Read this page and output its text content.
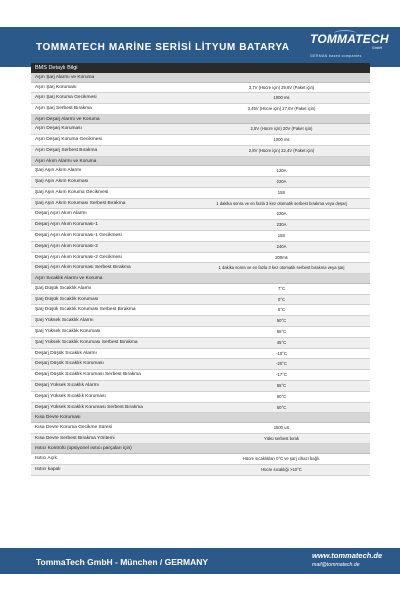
TOMMATECH MARİNE SERİSİ LİTYUM BATARYA
TOMMATECH
GmbH
GERMAN based companies
BMS Detaylı Bilgi
Aşırı Şarj Alarmı ve Koruma
Aşırı Şarj Koruması	3,7V (Hücre için) 29,6V (Paket için)
Aşırı Şarj Koruma Gecikmesi	1000 ms
Aşırı Şarj Serbest Bırakma	3,45V (Hücre için) 27,6V (Paket için)
Aşırı Deşarj Alarmı ve Koruma
Aşırı Deşarj Koruması	2,5V (Hücre için) 20V (Paket için)
Aşırı Deşarj Koruma Gecikmesi	1000 ms
Aşırı Deşarj Serbest Bırakma	2,8V (Hücre için) 22,4V (Paket için)
Aşırı Akım Alarmı ve Koruma
Şarj Aşırı Akım Alarmı	120A
Şarj Aşırı Akım Koruması	220A
Şarj Aşırı Akım Koruma Gecikmesi	15S
Şarj Aşırı Akım Koruması Serbest Bırakma	1 dakika sonra ve en fazla 3 kez otomatik serbest bırakma veya deşarj
Deşarj Aşırı Akım Alarmı	220A
Deşarj Aşırı Akım Koruması-1	230A
Deşarj Aşırı Akım Koruması-1 Gecikmesi	15S
Deşarj Aşırı Akım Koruması-2	240A
Deşarj Aşırı Akım Koruması-2 Gecikmesi	200ms
Deşarj Aşırı Akım Koruması Serbest Bırakma	1 dakika sonra ve en fazla 3 kez otomatik serbest bırakma veya şarj
Aşırı Sıcaklık Alarmı ve Koruma
Şarj Düşük Sıcaklık Alarmı	7°C
Şarj Düşük Sıcaklık Koruması	0°C
Şarj Düşük Sıcaklık Koruması Serbest Bırakma	5°C
Şarj Yüksek Sıcaklık Alarmı	50°C
Şarj Yüksek Sıcaklık Koruması	55°C
Şarj Yüksek Sıcaklık Koruması Serbest Bırakma	45°C
Deşarj Düşük Sıcaklık Alarmı	-10°C
Deşarj Düşük Sıcaklık Koruması	-20°C
Deşarj Düşük Sıcaklık Koruması Serbest Bırakma	-17°C
Deşarj Yüksek Sıcaklık Alarmı	55°C
Deşarj Yüksek Sıcaklık Koruması	60°C
Deşarj Yüksek Sıcaklık Koruması Serbest Bırakma	50°C
Kısa Devre Koruması
Kısa Devre Koruma Gecikme Süresi	1500 uS
Kısa Devre Serbest Bırakma Yöntemi	Yükü serbest bırak
Isıtıcı Kontrolü (opsiyonel ısıtıcı parçaları için)
Isıtıcı Açık	Hücre sıcaklıkları 0°C ve şarj cihazı bağlı.
Isıtıcı kapalı	Hücre sıcaklığı >10°C
TommaTech GmbH - München / GERMANY
www.tommatech.de
mail@tommatech.de
